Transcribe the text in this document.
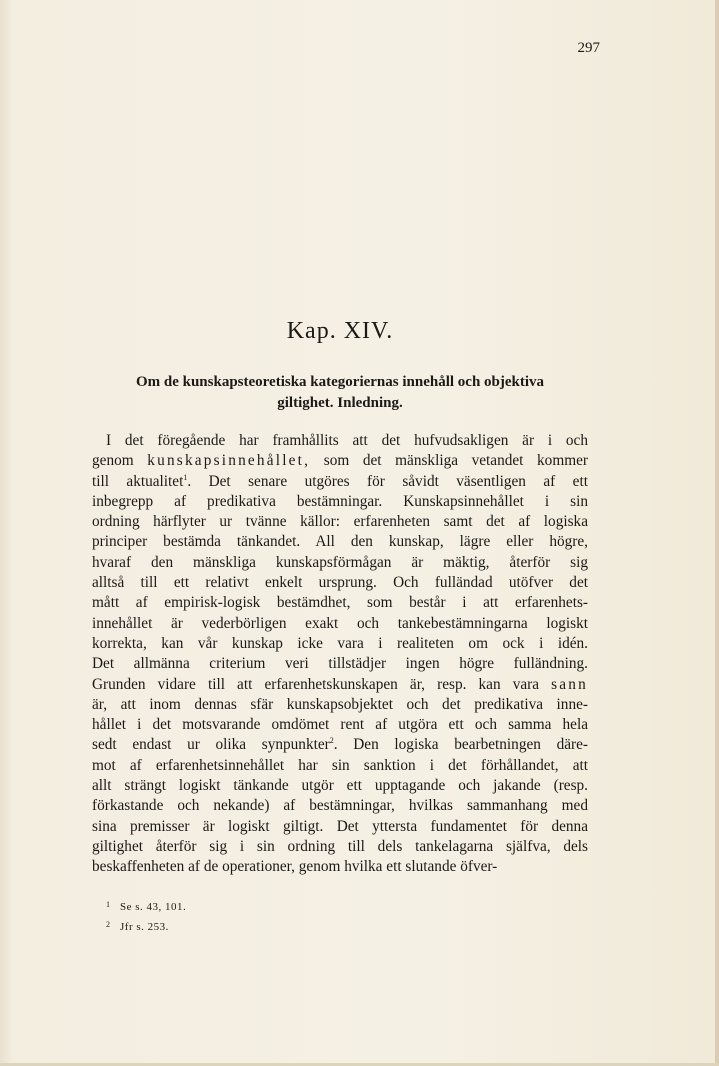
297
Kap. XIV.
Om de kunskapsteoretiska kategoriernas innehåll och objektiva
giltighet. Inledning.
I det föregående har framhållits att det hufvudsakligen är i och
genom kunskapsinnehållet, som det mänskliga vetandet kommer
till aktualitet$^1$. Det senare utgöres för såvidt väsentligen af ett
inbegrepp af predikativa bestämningar. Kunskapsinnehållet i sin
ordning härflyter ur tvänne källor: erfarenheten samt det af logiska
principer bestämda tänkandet. All den kunskap, lägre eller högre,
hvaraf den mänskliga kunskapsförmågan är mäktig, återför sig
alltså till ett relativt enkelt ursprung. Och fulländad utöfver det
mått af empirisk-logisk bestämdhet, som består i att erfarenhets-
innehållet är vederbörligen exakt och tankebestämningarna logiskt
korrekta, kan vår kunskap icke vara i realiteten om ock i idén.
Det allmänna criterium veri tillstädjer ingen högre fulländning.
Grunden vidare till att erfarenhetskunskapen är, resp. kan vara sann
är, att inom dennas sfär kunskapsobjektet och det predikativa inne-
hållet i det motsvarande omdömet rent af utgöra ett och samma hela
sedt endast ur olika synpunkter$^2$. Den logiska bearbetningen däre-
mot af erfarenhetsinnehållet har sin sanktion i det förhållandet, att
allt strängt logiskt tänkande utgör ett upptagande och jakande (resp.
förkastande och nekande) af bestämningar, hvilkas sammanhang med
sina premisser är logiskt giltigt. Det yttersta fundamentet för denna
giltighet återför sig i sin ordning till dels tankelagarna själfva, dels
beskaffenheten af de operationer, genom hvilka ett slutande öfver-
1 Se s. 43, 101.
2 Jfr s. 253.
